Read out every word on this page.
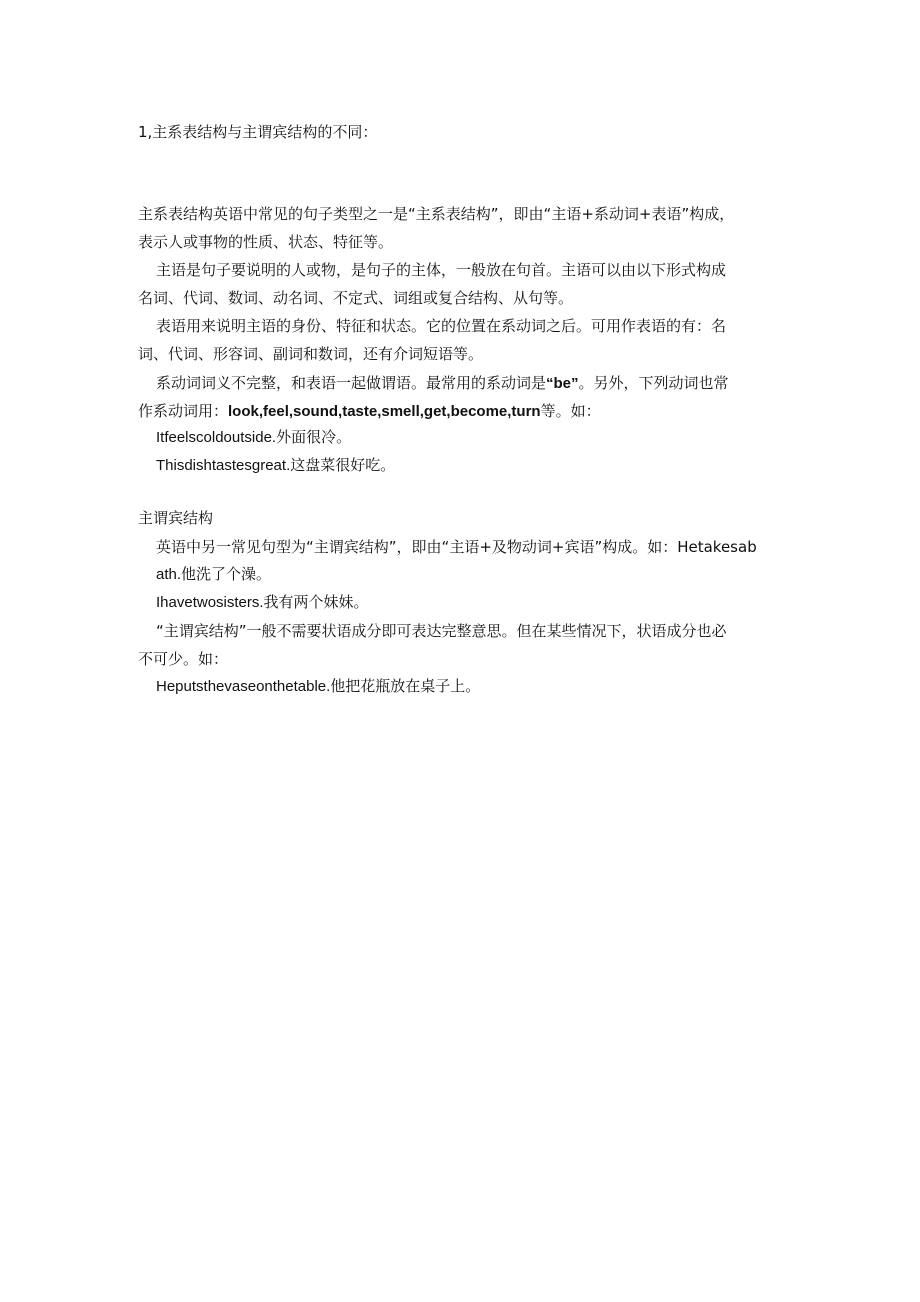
1,主系表结构与主谓宾结构的不同：
主系表结构英语中常见的句子类型之一是“主系表结构”，即由“主语+系动词+表语”构成，
表示人或事物的性质、状态、特征等。
主语是句子要说明的人或物，是句子的主体，一般放在句首。主语可以由以下形式构成
名词、代词、数词、动名词、不定式、词组或复合结构、从句等。
表语用来说明主语的身份、特征和状态。它的位置在系动词之后。可用作表语的有：名
词、代词、形容词、副词和数词，还有介词短语等。
系动词词义不完整，和表语一起做谓语。最常用的系动词是“be”。另外，下列动词也常
作系动词用：look,feel,sound,taste,smell,get,become,turn等。如：
Itfeelscoldoutside.外面很冷。
Thisdishtastesgreat.这盘菜很好吃。
主谓宾结构
英语中另一常见句型为“主谓宾结构”，即由“主语+及物动词+宾语”构成。如：Hetakesab
ath.他洗了个澡。
Ihavetwosisters.我有两个妹妹。
“主谓宾结构”一般不需要状语成分即可表达完整意思。但在某些情况下，状语成分也必
不可少。如：
Heputsthevaseonthetable.他把花瓶放在桌子上。
